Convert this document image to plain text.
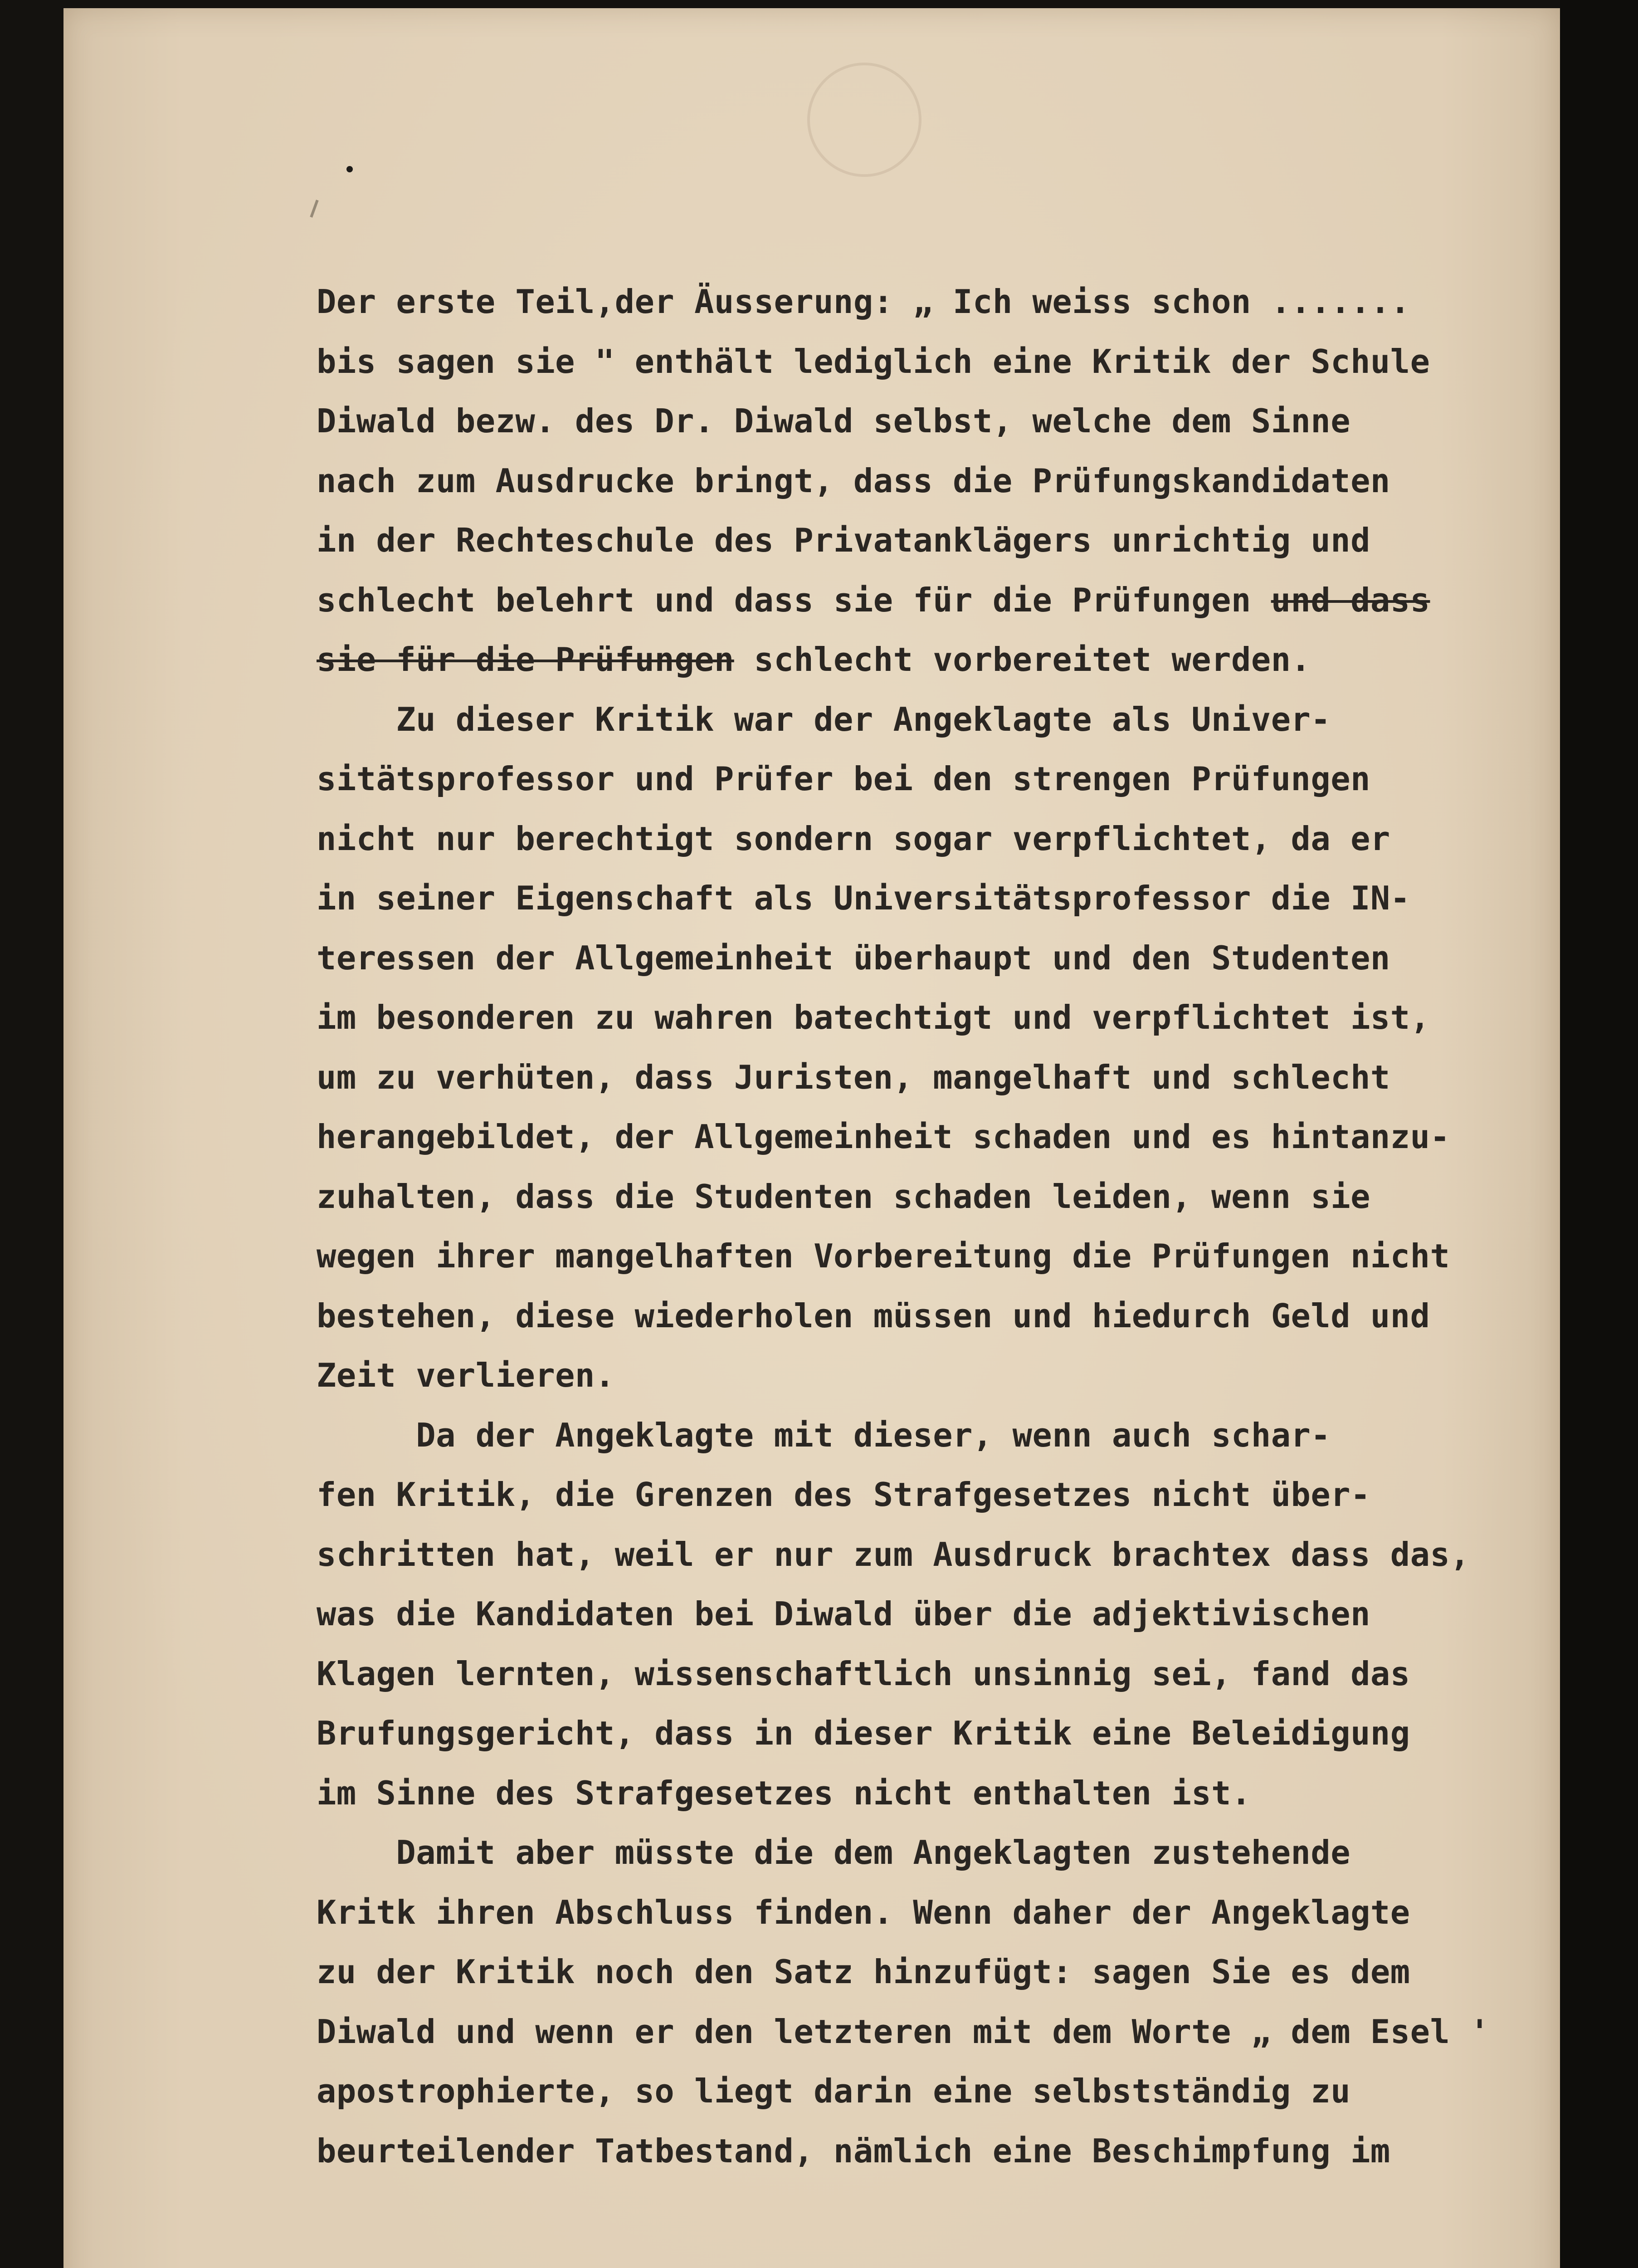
Der erste Teil,der Äusserung: „ Ich weiss schon .......
bis sagen sie " enthält lediglich eine Kritik der Schule
Diwald bezw. des Dr. Diwald selbst, welche dem Sinne
nach zum Ausdrucke bringt, dass die Prüfungskandidaten
in der Rechteschule des Privatanklägers unrichtig und
schlecht belehrt und dass sie für die Prüfungen und dass
sie für die Prüfungen schlecht vorbereitet werden.
Zu dieser Kritik war der Angeklagte als Univer-
sitätsprofessor und Prüfer bei den strengen Prüfungen
nicht nur berechtigt sondern sogar verpflichtet, da er
in seiner Eigenschaft als Universitätsprofessor die IN-
teressen der Allgemeinheit überhaupt und den Studenten
im besonderen zu wahren batechtigt und verpflichtet ist,
um zu verhüten, dass Juristen, mangelhaft und schlecht
herangebildet, der Allgemeinheit schaden und es hintanzu-
zuhalten, dass die Studenten schaden leiden, wenn sie
wegen ihrer mangelhaften Vorbereitung die Prüfungen nicht
bestehen, diese wiederholen müssen und hiedurch Geld und
Zeit verlieren.
Da der Angeklagte mit dieser, wenn auch schar-
fen Kritik, die Grenzen des Strafgesetzes nicht über-
schritten hat, weil er nur zum Ausdruck brachtex dass das,
was die Kandidaten bei Diwald über die adjektivischen
Klagen lernten, wissenschaftlich unsinnig sei, fand das
Brufungsgericht, dass in dieser Kritik eine Beleidigung
im Sinne des Strafgesetzes nicht enthalten ist.
Damit aber müsste die dem Angeklagten zustehende
Kritk ihren Abschluss finden. Wenn daher der Angeklagte
zu der Kritik noch den Satz hinzufügt: sagen Sie es dem
Diwald und wenn er den letzteren mit dem Worte „ dem Esel '
apostrophierte, so liegt darin eine selbstständig zu
beurteilender Tatbestand, nämlich eine Beschimpfung im
